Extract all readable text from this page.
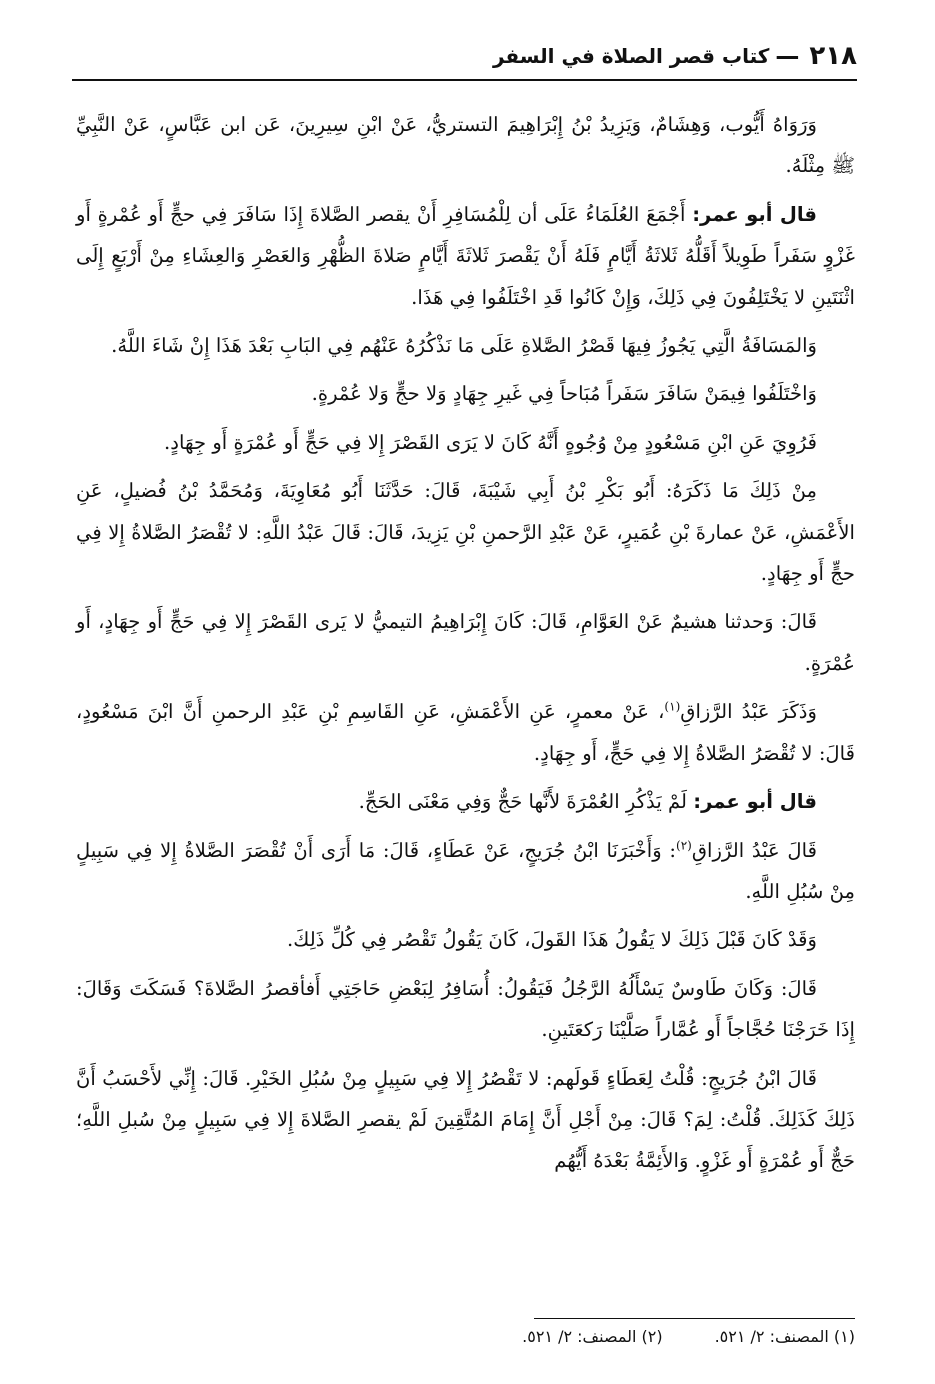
٢١٨
—
كتاب قصر الصلاة في السفر

وَرَوَاهُ أَيُّوب، وَهِشَامٌ، وَيَزِيدُ بْنُ إِبْرَاهِيمَ التستريُّ، عَنْ ابْنِ سِيرِينَ، عَن ابن عَبَّاسٍ، عَنْ النَّبِيِّ ﷺ مِثْلَهُ.

قال أبو عمر: أَجْمَعَ العُلَمَاءُ عَلَى أن لِلْمُسَافِرِ أَنْ يقصر الصَّلاةَ إِذَا سَافَرَ فِي حجٍّ أَو عُمْرةٍ أَو غَزْوٍ سَفَراً طَوِيلاً أَقَلُّهُ ثَلاثَةُ أَيَّامٍ فَلَهُ أَنْ يَقْصرَ ثَلاثَةَ أَيَّامٍ صَلاةَ الظُّهْرِ وَالعَصْرِ وَالعِشَاءِ مِنْ أَرْبَعٍ إِلَى اثْنَتَينِ لا يَخْتَلِفُونَ فِي ذَلِكَ، وَإِنْ كَانُوا قَدِ اخْتَلَفُوا فِي هَذَا.

وَالمَسَافَةُ الَّتِي يَجُوزُ فِيهَا قَصْرُ الصَّلاةِ عَلَى مَا نَذْكُرُهُ عَنْهُم فِي البَابِ بَعْدَ هَذَا إِنْ شَاءَ اللَّهُ.

وَاخْتَلَفُوا فِيمَنْ سَافَرَ سَفَراً مُبَاحاً فِي غَيرِ جِهَادٍ وَلا حجٍّ وَلا عُمْرةٍ.

فَرُوِيَ عَنِ ابْنِ مَسْعُودٍ مِنْ وُجُوهٍ أَنَّهُ كَانَ لا يَرَى القَصْرَ إِلا فِي حَجٍّ أَو عُمْرَةٍ أَو جِهَادٍ.

مِنْ ذَلِكَ مَا ذَكَرَهُ: أَبُو بَكْرِ بْنُ أَبِي شَيْبَةَ، قَالَ: حَدَّثَنَا أَبُو مُعَاوِيَةَ، وَمُحَمَّدُ بْنُ فُضيلٍ، عَنِ الأَعْمَشِ، عَنْ عمارةَ بْنِ عُمَيرٍ، عَنْ عَبْدِ الرَّحمنِ بْنِ يَزِيدَ، قَالَ: قَالَ عَبْدُ اللَّهِ: لا تُقْصَرُ الصَّلاةُ إِلا فِي حجٍّ أَو جِهَادٍ.

قَالَ: وَحدثنا هشيمٌ عَنْ العَوَّامِ، قَالَ: كَانَ إِبْرَاهِيمُ التيميُّ لا يَرى القَصْرَ إِلا فِي حَجٍّ أَو جِهَادٍ، أَو عُمْرَةٍ.

وَذَكَرَ عَبْدُ الرَّزاقِ$^{(١)}$، عَنْ معمرٍ، عَنِ الأَعْمَشِ، عَنِ القَاسِمِ بْنِ عَبْدِ الرحمنِ أَنَّ ابْنَ مَسْعُودٍ، قَالَ: لا تُقْصَرُ الصَّلاةُ إِلا فِي حَجٍّ، أَو جِهَادٍ.

قال أبو عمر: لَمْ يَذْكُرِ العُمْرَةَ لأَنَّها حَجٌّ وَفِي مَعْنَى الحَجِّ.

قَالَ عَبْدُ الرَّزاقِ$^{(٢)}$: وَأَخْبَرَنَا ابْنُ جُرَيجٍ، عَنْ عَطَاءٍ، قَالَ: مَا أَرَى أَنْ تُقْصَرَ الصَّلاةُ إِلا فِي سَبِيلٍ مِنْ سُبُلِ اللَّهِ.

وَقَدْ كَانَ قَبْلَ ذَلِكَ لا يَقُولُ هَذَا القَولَ، كَانَ يَقُولُ تَقْصُر فِي كُلِّ ذَلِكَ.

قَالَ: وَكَانَ طَاوسٌ يَسْأَلُهُ الرَّجُلُ فَيَقُولُ: أُسَافِرُ لِبَعْضِ حَاجَتِي أَفأقصرُ الصَّلاةَ؟ فَسَكَتَ وَقَالَ: إِذَا خَرَجْنَا حُجَّاجاً أَو عُمَّاراً صَلَّيْنَا رَكعَتَينِ.

قَالَ ابْنُ جُرَيجٍ: قُلْتُ لِعَطَاءٍ قَولَهم: لا تَقْصُرُ إِلا فِي سَبِيلٍ مِنْ سُبُلِ الخَيْرِ. قَالَ: إِنِّي لأَحْسَبُ أَنَّ ذَلِكَ كَذَلِكَ. قُلْتُ: لِمَ؟ قَالَ: مِنْ أَجْلِ أَنَّ إِمَامَ المُتَّقِينَ لَمْ يقصرِ الصَّلاةَ إِلا فِي سَبِيلٍ مِنْ سُبلِ اللَّهِ؛ حَجٌّ أَو عُمْرَةٍ أَو غَزْوٍ. وَالأَئِمَّةُ بَعْدَهُ أَيُّهُم

(١) المصنف: ٢/ ٥٢١.
(٢) المصنف: ٢/ ٥٢١.
